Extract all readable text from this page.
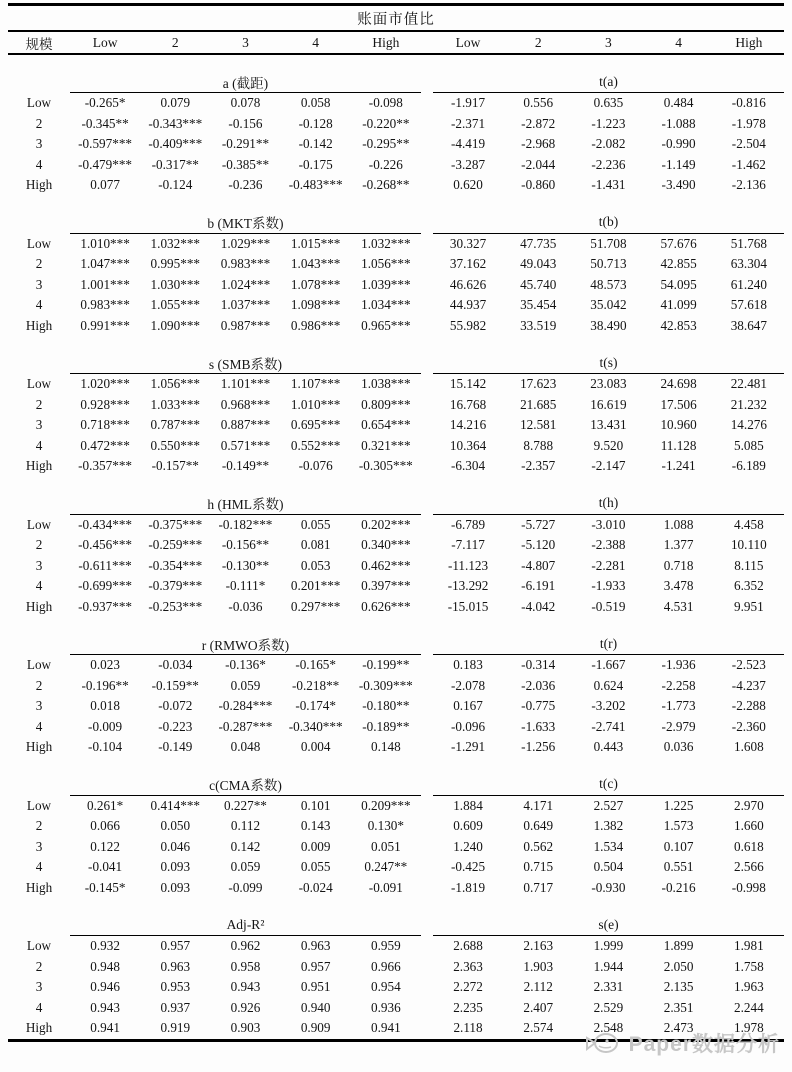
账面市值比											
规模	Low	2	3	4	High		Low	2	3	4	High

	a (截距)						t(a)				
Low	-0.265*	0.079	0.078	0.058	-0.098		-1.917	0.556	0.635	0.484	-0.816
2	-0.345**	-0.343***	-0.156	-0.128	-0.220**		-2.371	-2.872	-1.223	-1.088	-1.978
3	-0.597***	-0.409***	-0.291**	-0.142	-0.295**		-4.419	-2.968	-2.082	-0.990	-2.504
4	-0.479***	-0.317**	-0.385**	-0.175	-0.226		-3.287	-2.044	-2.236	-1.149	-1.462
High	0.077	-0.124	-0.236	-0.483***	-0.268**		0.620	-0.860	-1.431	-3.490	-2.136

	b (MKT系数)						t(b)				
Low	1.010***	1.032***	1.029***	1.015***	1.032***		30.327	47.735	51.708	57.676	51.768
2	1.047***	0.995***	0.983***	1.043***	1.056***		37.162	49.043	50.713	42.855	63.304
3	1.001***	1.030***	1.024***	1.078***	1.039***		46.626	45.740	48.573	54.095	61.240
4	0.983***	1.055***	1.037***	1.098***	1.034***		44.937	35.454	35.042	41.099	57.618
High	0.991***	1.090***	0.987***	0.986***	0.965***		55.982	33.519	38.490	42.853	38.647

	s (SMB系数)						t(s)				
Low	1.020***	1.056***	1.101***	1.107***	1.038***		15.142	17.623	23.083	24.698	22.481
2	0.928***	1.033***	0.968***	1.010***	0.809***		16.768	21.685	16.619	17.506	21.232
3	0.718***	0.787***	0.887***	0.695***	0.654***		14.216	12.581	13.431	10.960	14.276
4	0.472***	0.550***	0.571***	0.552***	0.321***		10.364	8.788	9.520	11.128	5.085
High	-0.357***	-0.157**	-0.149**	-0.076	-0.305***		-6.304	-2.357	-2.147	-1.241	-6.189

	h (HML系数)						t(h)				
Low	-0.434***	-0.375***	-0.182***	0.055	0.202***		-6.789	-5.727	-3.010	1.088	4.458
2	-0.456***	-0.259***	-0.156**	0.081	0.340***		-7.117	-5.120	-2.388	1.377	10.110
3	-0.611***	-0.354***	-0.130**	0.053	0.462***		-11.123	-4.807	-2.281	0.718	8.115
4	-0.699***	-0.379***	-0.111*	0.201***	0.397***		-13.292	-6.191	-1.933	3.478	6.352
High	-0.937***	-0.253***	-0.036	0.297***	0.626***		-15.015	-4.042	-0.519	4.531	9.951

	r (RMWO系数)						t(r)				
Low	0.023	-0.034	-0.136*	-0.165*	-0.199**		0.183	-0.314	-1.667	-1.936	-2.523
2	-0.196**	-0.159**	0.059	-0.218**	-0.309***		-2.078	-2.036	0.624	-2.258	-4.237
3	0.018	-0.072	-0.284***	-0.174*	-0.180**		0.167	-0.775	-3.202	-1.773	-2.288
4	-0.009	-0.223	-0.287***	-0.340***	-0.189**		-0.096	-1.633	-2.741	-2.979	-2.360
High	-0.104	-0.149	0.048	0.004	0.148		-1.291	-1.256	0.443	0.036	1.608

	c(CMA系数)						t(c)				
Low	0.261*	0.414***	0.227**	0.101	0.209***		1.884	4.171	2.527	1.225	2.970
2	0.066	0.050	0.112	0.143	0.130*		0.609	0.649	1.382	1.573	1.660
3	0.122	0.046	0.142	0.009	0.051		1.240	0.562	1.534	0.107	0.618
4	-0.041	0.093	0.059	0.055	0.247**		-0.425	0.715	0.504	0.551	2.566
High	-0.145*	0.093	-0.099	-0.024	-0.091		-1.819	0.717	-0.930	-0.216	-0.998

	Adj-R²						s(e)				
Low	0.932	0.957	0.962	0.963	0.959		2.688	2.163	1.999	1.899	1.981
2	0.948	0.963	0.958	0.957	0.966		2.363	1.903	1.944	2.050	1.758
3	0.946	0.953	0.943	0.951	0.954		2.272	2.112	2.331	2.135	1.963
4	0.943	0.937	0.926	0.940	0.936		2.235	2.407	2.529	2.351	2.244
High	0.941	0.919	0.903	0.909	0.941		2.118	2.574	2.548	2.473	1.978
Paper数据分析
